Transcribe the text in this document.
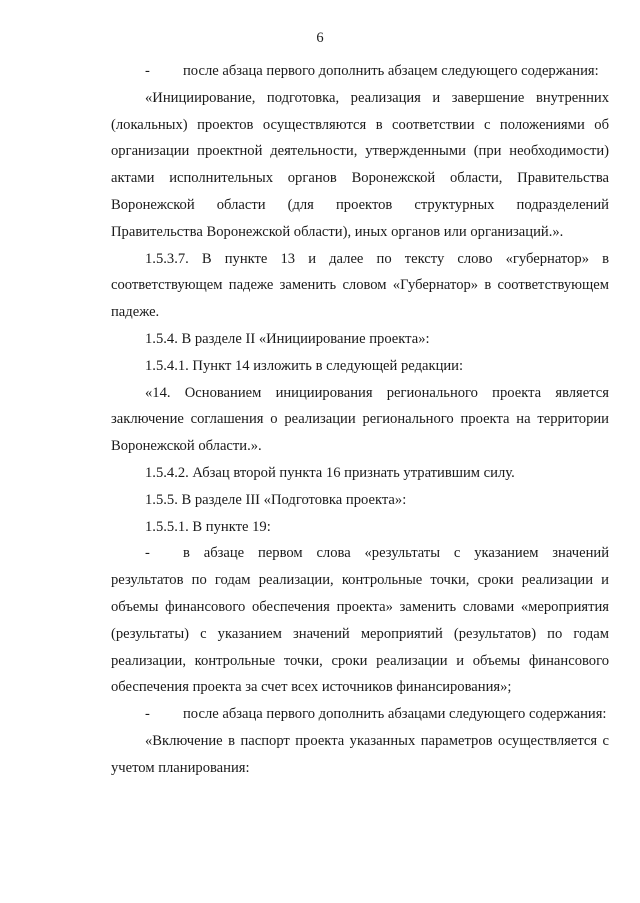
6

- после абзаца первого дополнить абзацем следующего содержания:

«Инициирование, подготовка, реализация и завершение внутренних (локальных) проектов осуществляются в соответствии с положениями об организации проектной деятельности, утвержденными (при необходимости) актами исполнительных органов Воронежской области, Правительства Воронежской области (для проектов структурных подразделений Правительства Воронежской области), иных органов или организаций.».

1.5.3.7. В пункте 13 и далее по тексту слово «губернатор» в соответствующем падеже заменить словом «Губернатор» в соответствующем падеже.

1.5.4. В разделе II «Инициирование проекта»:

1.5.4.1. Пункт 14 изложить в следующей редакции:

«14. Основанием инициирования регионального проекта является заключение соглашения о реализации регионального проекта на территории Воронежской области.».

1.5.4.2. Абзац второй пункта 16 признать утратившим силу.

1.5.5. В разделе III «Подготовка проекта»:

1.5.5.1. В пункте 19:

- в абзаце первом слова «результаты с указанием значений результатов по годам реализации, контрольные точки, сроки реализации и объемы финансового обеспечения проекта» заменить словами «мероприятия (результаты) с указанием значений мероприятий (результатов) по годам реализации, контрольные точки, сроки реализации и объемы финансового обеспечения проекта за счет всех источников финансирования»;

- после абзаца первого дополнить абзацами следующего содержания:

«Включение в паспорт проекта указанных параметров осуществляется с учетом планирования:
